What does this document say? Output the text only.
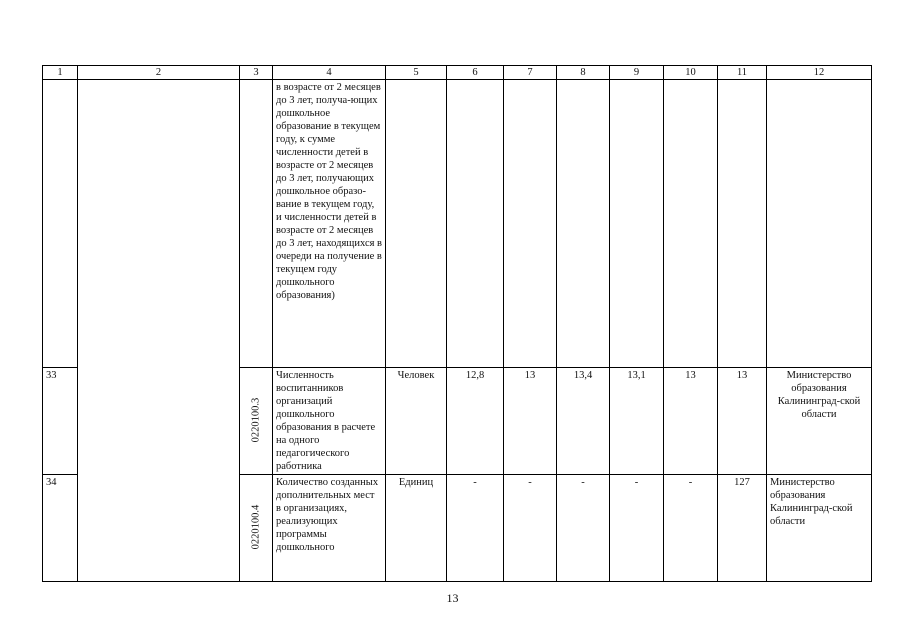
1	2	3	4	5	6	7	8	9	10	11	12
			в возрасте от 2 месяцев до 3 лет, получа-ющих дошкольное образование в текущем году, к сумме численности детей в возрасте от 2 месяцев до 3 лет, получающих дошкольное образо-вание в текущем году, и численности детей в возрасте от 2 месяцев до 3 лет, находящихся в очереди на получение в текущем году дошкольного образования)								
33		0220100.3	Численность воспитанников организаций дошкольного образования в расчете на одного педагогического работника	Человек	12,8	13	13,4	13,1	13	13	Министерство образования Калининград-ской области
34		0220100.4	Количество созданных дополнительных мест в организациях, реализующих программы дошкольного	Единиц	-	-	-	-	-	127	Министерство образования Калининград-ской области
13
